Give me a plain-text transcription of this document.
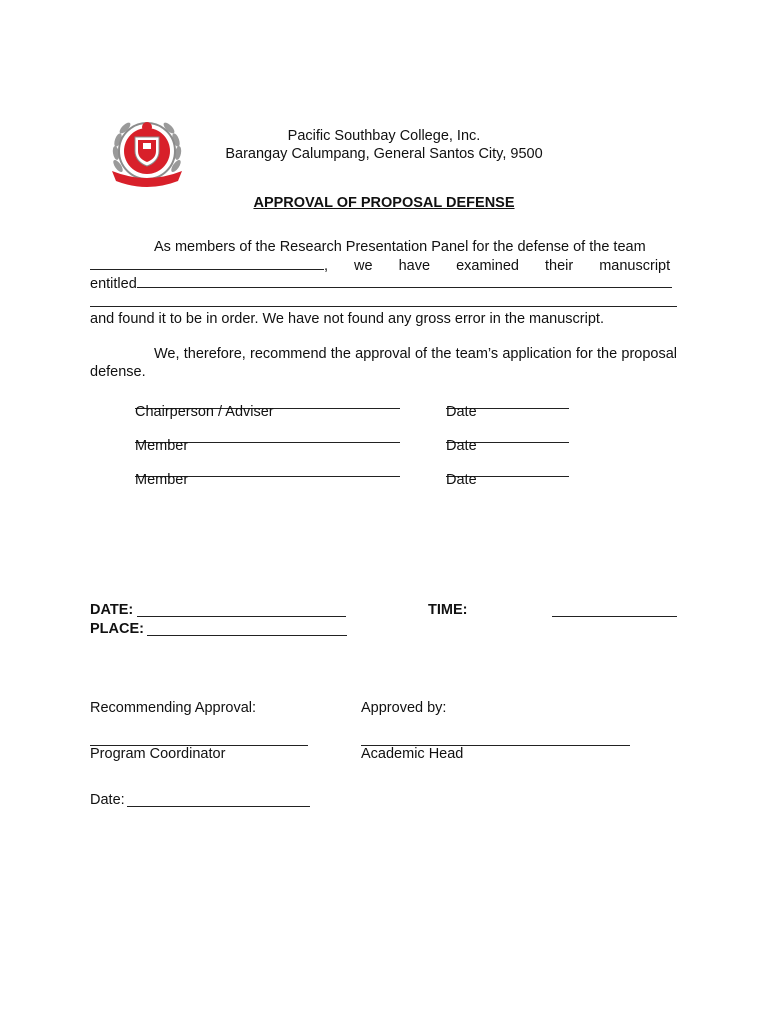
Pacific Southbay College, Inc.
Barangay Calumpang, General Santos City, 9500
APPROVAL OF PROPOSAL DEFENSE
As members of the Research Presentation Panel for the defense of the team
, we have examined their manuscript
entitled
and found it to be in order. We have not found any gross error in the manuscript.
We, therefore, recommend the approval of the team’s application for the proposal defense.
Chairperson / Adviser	Date
Member	Date
Member	Date
DATE:	TIME:
PLACE:
Recommending Approval:	Approved by:
Program Coordinator	Academic Head
Date:
